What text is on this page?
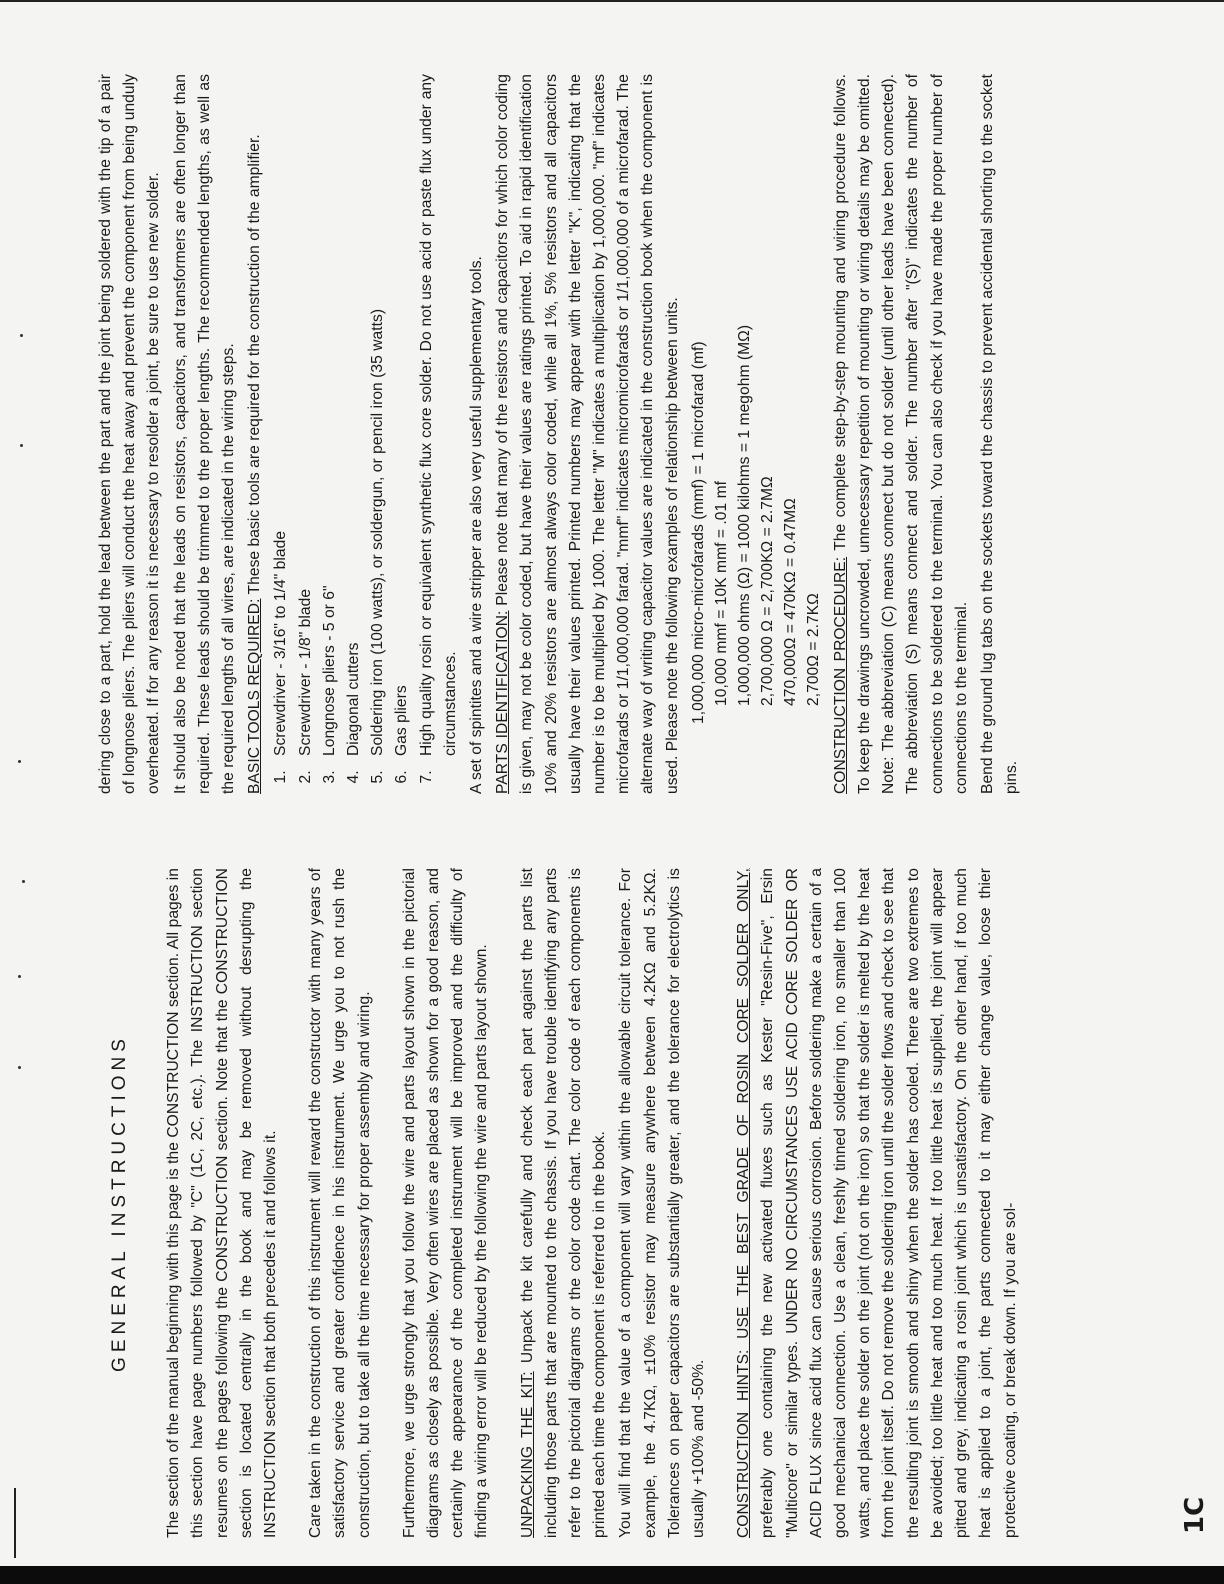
GENERAL INSTRUCTIONS The section of the manual beginning with this page is the CONSTRUCTION section. All pages in this section have page numbers followed by "C" (1C, 2C, etc.). The INSTRUCTION section resumes on the pages following the CONSTRUCTION section. Note that the CONSTRUCTION section is located centrally in the book and may be removed without desrupting the INSTRUCTION section that both precedes it and follows it. Care taken in the construction of this instrument will reward the constructor with many years of satisfactory service and greater confidence in his instrument. We urge you to not rush the construction, but to take all the time necessary for proper assembly and wiring. Furthermore, we urge strongly that you follow the wire and parts layout shown in the pictorial diagrams as closely as possible. Very often wires are placed as shown for a good reason, and certainly the appearance of the completed instrument will be improved and the difficulty of finding a wiring error will be reduced by the following the wire and parts layout shown. UNPACKING THE KIT: Unpack the kit carefully and check each part against the parts list including those parts that are mounted to the chassis. If you have trouble identifying any parts refer to the pictorial diagrams or the color code chart. The color code of each components is printed each time the component is referred to in the book. You will find that the value of a component will vary within the allowable circuit tolerance. For example, the 4.7KΩ, ±10% resistor may measure anywhere between 4.2KΩ and 5.2KΩ. Tolerances on paper capacitors are substantially greater, and the tolerance for electrolytics is usually +100% and -50%. CONSTRUCTION HINTS: USE THE BEST GRADE OF ROSIN CORE SOLDER ONLY, preferably one containing the new activated fluxes such as Kester "Resin-Five", Ersin "Multicore" or similar types. UNDER NO CIRCUMSTANCES USE ACID CORE SOLDER OR ACID FLUX since acid flux can cause serious corrosion. Before soldering make a certain of a good mechanical connection. Use a clean, freshly tinned soldering iron, no smaller than 100 watts, and place the solder on the joint (not on the iron) so that the solder is melted by the heat from the joint itself. Do not remove the soldering iron until the solder flows and check to see that the resulting joint is smooth and shiny when the solder has cooled. There are two extremes to be avoided; too little heat and too much heat. If too little heat is supplied, the joint will appear pitted and grey, indicating a rosin joint which is unsatisfactory. On the other hand, if too much heat is applied to a joint, the parts connected to it may either change value, loose thier protective coating, or break down. If you are sol-

dering close to a part, hold the lead between the part and the joint being soldered with the tip of a pair of longnose pliers. The pliers will conduct the heat away and prevent the component from being unduly overheated. If for any reason it is necessary to resolder a joint, be sure to use new solder. It should also be noted that the leads on resistors, capacitors, and transformers are often longer than required. These leads should be trimmed to the proper lengths. The recommended lengths, as well as the required lengths of all wires, are indicated in the wiring steps. BASIC TOOLS REQUIRED: These basic tools are required for the construction of the amplifier.

1. Screwdriver - 3/16" to 1/4" blade 2. Screwdriver - 1/8" blade 3. Longnose pliers - 5 or 6" 4. Diagonal cutters 5. Soldering iron (100 watts), or soldergun, or pencil iron (35 watts) 6. Gas pliers 7. High quality rosin or equivalent synthetic flux core solder. Do not use acid or paste flux under any circumstances. A set of spintites and a wire stripper are also very useful supplementary tools. PARTS IDENTIFICATION: Please note that many of the resistors and capacitors for which color coding is given, may not be color coded, but have their values are ratings printed. To aid in rapid identification 10% and 20% resistors are almost always color coded, while all 1%, 5% resistors and all capacitors usually have their values printed. Printed numbers may appear with the letter "K", indicating that the number is to be multiplied by 1000. The letter "M" indicates a multiplication by 1,000,000. "mf" indicates microfarads or 1/1,000,000 farad. "mmf" indicates micromicrofarads or 1/1,000,000 of a microfarad. The alternate way of writing capacitor values are indicated in the construction book when the component is used. Please note the following examples of relationship between units. 1,000,000 micro-microfarads (mmf) = 1 microfarad (mf) 10,000 mmf = 10K mmf = .01 mf 1,000,000 ohms (Ω) = 1000 kilohms = 1 megohm (MΩ) 2,700,000 Ω = 2,700KΩ = 2.7MΩ 470,000Ω = 470KΩ = 0.47MΩ 2,700Ω = 2.7KΩ CONSTRUCTION PROCEDURE: The complete step-by-step mounting and wiring procedure follows. To keep the drawings uncrowded, unnecessary repetition of mounting or wiring details may be omitted. Note: The abbreviation (C) means connect but do not solder (until other leads have been connected). The abbreviation (S) means connect and solder. The number after "(S)" indicates the number of connections to be soldered to the terminal. You can also check if you have made the proper number of connections to the terminal. Bend the ground lug tabs on the sockets toward the chassis to prevent accidental shorting to the socket pins.

1C
